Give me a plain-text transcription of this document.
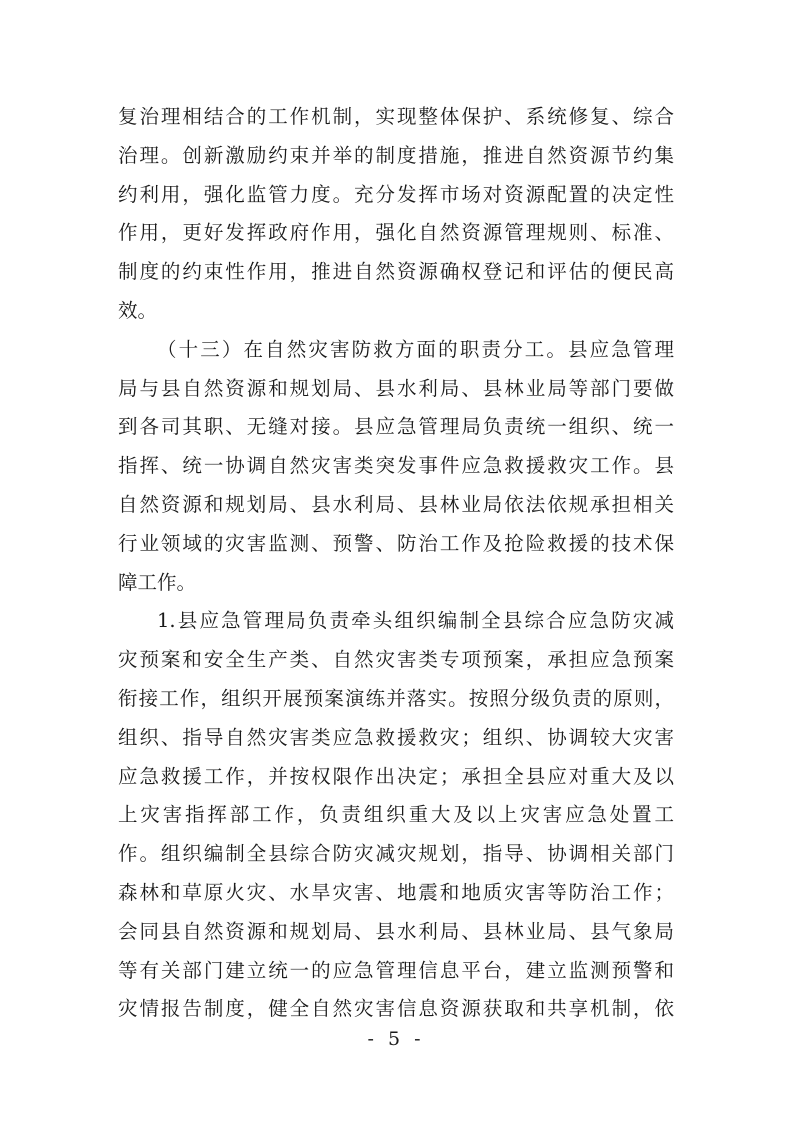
复治理相结合的工作机制，实现整体保护、系统修复、综合
治理。创新激励约束并举的制度措施，推进自然资源节约集
约利用，强化监管力度。充分发挥市场对资源配置的决定性
作用，更好发挥政府作用，强化自然资源管理规则、标准、
制度的约束性作用，推进自然资源确权登记和评估的便民高
效。
（十三）在自然灾害防救方面的职责分工。县应急管理
局与县自然资源和规划局、县水利局、县林业局等部门要做
到各司其职、无缝对接。县应急管理局负责统一组织、统一
指挥、统一协调自然灾害类突发事件应急救援救灾工作。县
自然资源和规划局、县水利局、县林业局依法依规承担相关
行业领域的灾害监测、预警、防治工作及抢险救援的技术保
障工作。
1.县应急管理局负责牵头组织编制全县综合应急防灾减
灾预案和安全生产类、自然灾害类专项预案，承担应急预案
衔接工作，组织开展预案演练并落实。按照分级负责的原则，
组织、指导自然灾害类应急救援救灾；组织、协调较大灾害
应急救援工作，并按权限作出决定；承担全县应对重大及以
上灾害指挥部工作，负责组织重大及以上灾害应急处置工
作。组织编制全县综合防灾减灾规划，指导、协调相关部门
森林和草原火灾、水旱灾害、地震和地质灾害等防治工作；
会同县自然资源和规划局、县水利局、县林业局、县气象局
等有关部门建立统一的应急管理信息平台，建立监测预警和
灾情报告制度，健全自然灾害信息资源获取和共享机制，依
- 5 -
